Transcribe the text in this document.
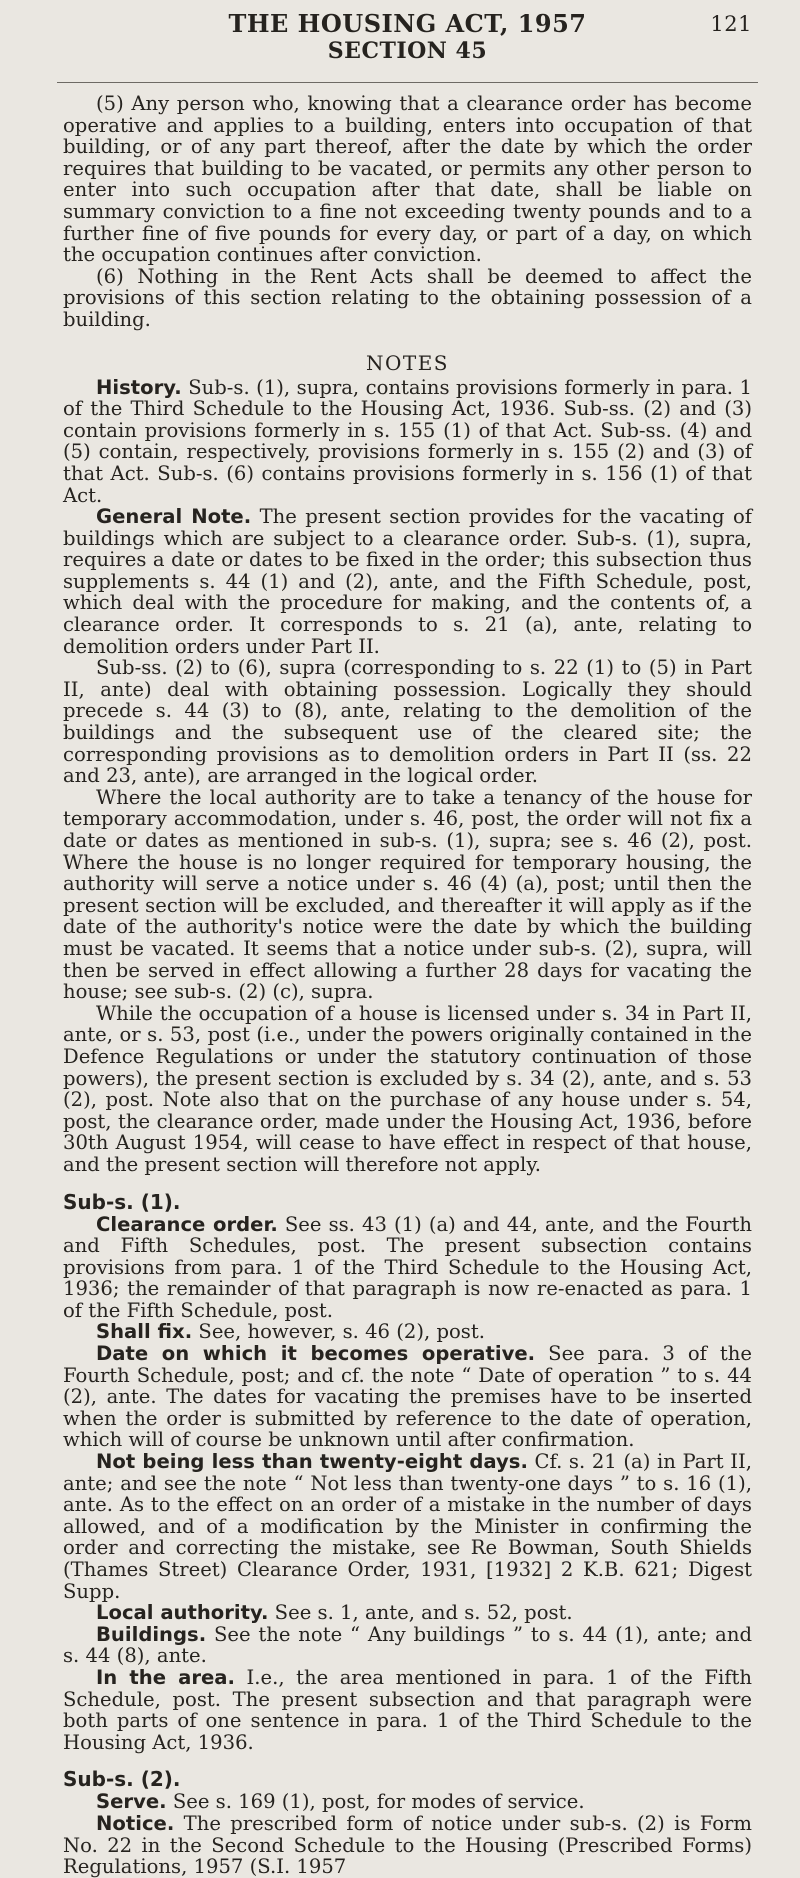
THE HOUSING ACT, 1957	121
SECTION 45

(5) Any person who, knowing that a clearance order has become operative and applies to a building, enters into occupation of that building, or of any part thereof, after the date by which the order requires that building to be vacated, or permits any other person to enter into such occupation after that date, shall be liable on summary conviction to a fine not exceeding twenty pounds and to a further fine of five pounds for every day, or part of a day, on which the occupation continues after conviction.

(6) Nothing in the Rent Acts shall be deemed to affect the provisions of this section relating to the obtaining possession of a building.

NOTES

History. Sub-s. (1), supra, contains provisions formerly in para. 1 of the Third Schedule to the Housing Act, 1936. Sub-ss. (2) and (3) contain provisions formerly in s. 155 (1) of that Act. Sub-ss. (4) and (5) contain, respectively, provisions formerly in s. 155 (2) and (3) of that Act. Sub-s. (6) contains provisions formerly in s. 156 (1) of that Act.

General Note. The present section provides for the vacating of buildings which are subject to a clearance order. Sub-s. (1), supra, requires a date or dates to be fixed in the order; this subsection thus supplements s. 44 (1) and (2), ante, and the Fifth Schedule, post, which deal with the procedure for making, and the contents of, a clearance order. It corresponds to s. 21 (a), ante, relating to demolition orders under Part II.

Sub-ss. (2) to (6), supra (corresponding to s. 22 (1) to (5) in Part II, ante) deal with obtaining possession. Logically they should precede s. 44 (3) to (8), ante, relating to the demolition of the buildings and the subsequent use of the cleared site; the corresponding provisions as to demolition orders in Part II (ss. 22 and 23, ante), are arranged in the logical order.

Where the local authority are to take a tenancy of the house for temporary accommodation, under s. 46, post, the order will not fix a date or dates as mentioned in sub-s. (1), supra; see s. 46 (2), post. Where the house is no longer required for temporary housing, the authority will serve a notice under s. 46 (4) (a), post; until then the present section will be excluded, and thereafter it will apply as if the date of the authority's notice were the date by which the building must be vacated. It seems that a notice under sub-s. (2), supra, will then be served in effect allowing a further 28 days for vacating the house; see sub-s. (2) (c), supra.

While the occupation of a house is licensed under s. 34 in Part II, ante, or s. 53, post (i.e., under the powers originally contained in the Defence Regulations or under the statutory continuation of those powers), the present section is excluded by s. 34 (2), ante, and s. 53 (2), post. Note also that on the purchase of any house under s. 54, post, the clearance order, made under the Housing Act, 1936, before 30th August 1954, will cease to have effect in respect of that house, and the present section will therefore not apply.

Sub-s. (1).

Clearance order. See ss. 43 (1) (a) and 44, ante, and the Fourth and Fifth Schedules, post. The present subsection contains provisions from para. 1 of the Third Schedule to the Housing Act, 1936; the remainder of that paragraph is now re-enacted as para. 1 of the Fifth Schedule, post.

Shall fix. See, however, s. 46 (2), post.

Date on which it becomes operative. See para. 3 of the Fourth Schedule, post; and cf. the note “ Date of operation ” to s. 44 (2), ante. The dates for vacating the premises have to be inserted when the order is submitted by reference to the date of operation, which will of course be unknown until after confirmation.

Not being less than twenty-eight days. Cf. s. 21 (a) in Part II, ante; and see the note “ Not less than twenty-one days ” to s. 16 (1), ante. As to the effect on an order of a mistake in the number of days allowed, and of a modification by the Minister in confirming the order and correcting the mistake, see Re Bowman, South Shields (Thames Street) Clearance Order, 1931, [1932] 2 K.B. 621; Digest Supp.

Local authority. See s. 1, ante, and s. 52, post.

Buildings. See the note “ Any buildings ” to s. 44 (1), ante; and s. 44 (8), ante.

In the area. I.e., the area mentioned in para. 1 of the Fifth Schedule, post. The present subsection and that paragraph were both parts of one sentence in para. 1 of the Third Schedule to the Housing Act, 1936.

Sub-s. (2).

Serve. See s. 169 (1), post, for modes of service.

Notice. The prescribed form of notice under sub-s. (2) is Form No. 22 in the Second Schedule to the Housing (Prescribed Forms) Regulations, 1957 (S.I. 1957
